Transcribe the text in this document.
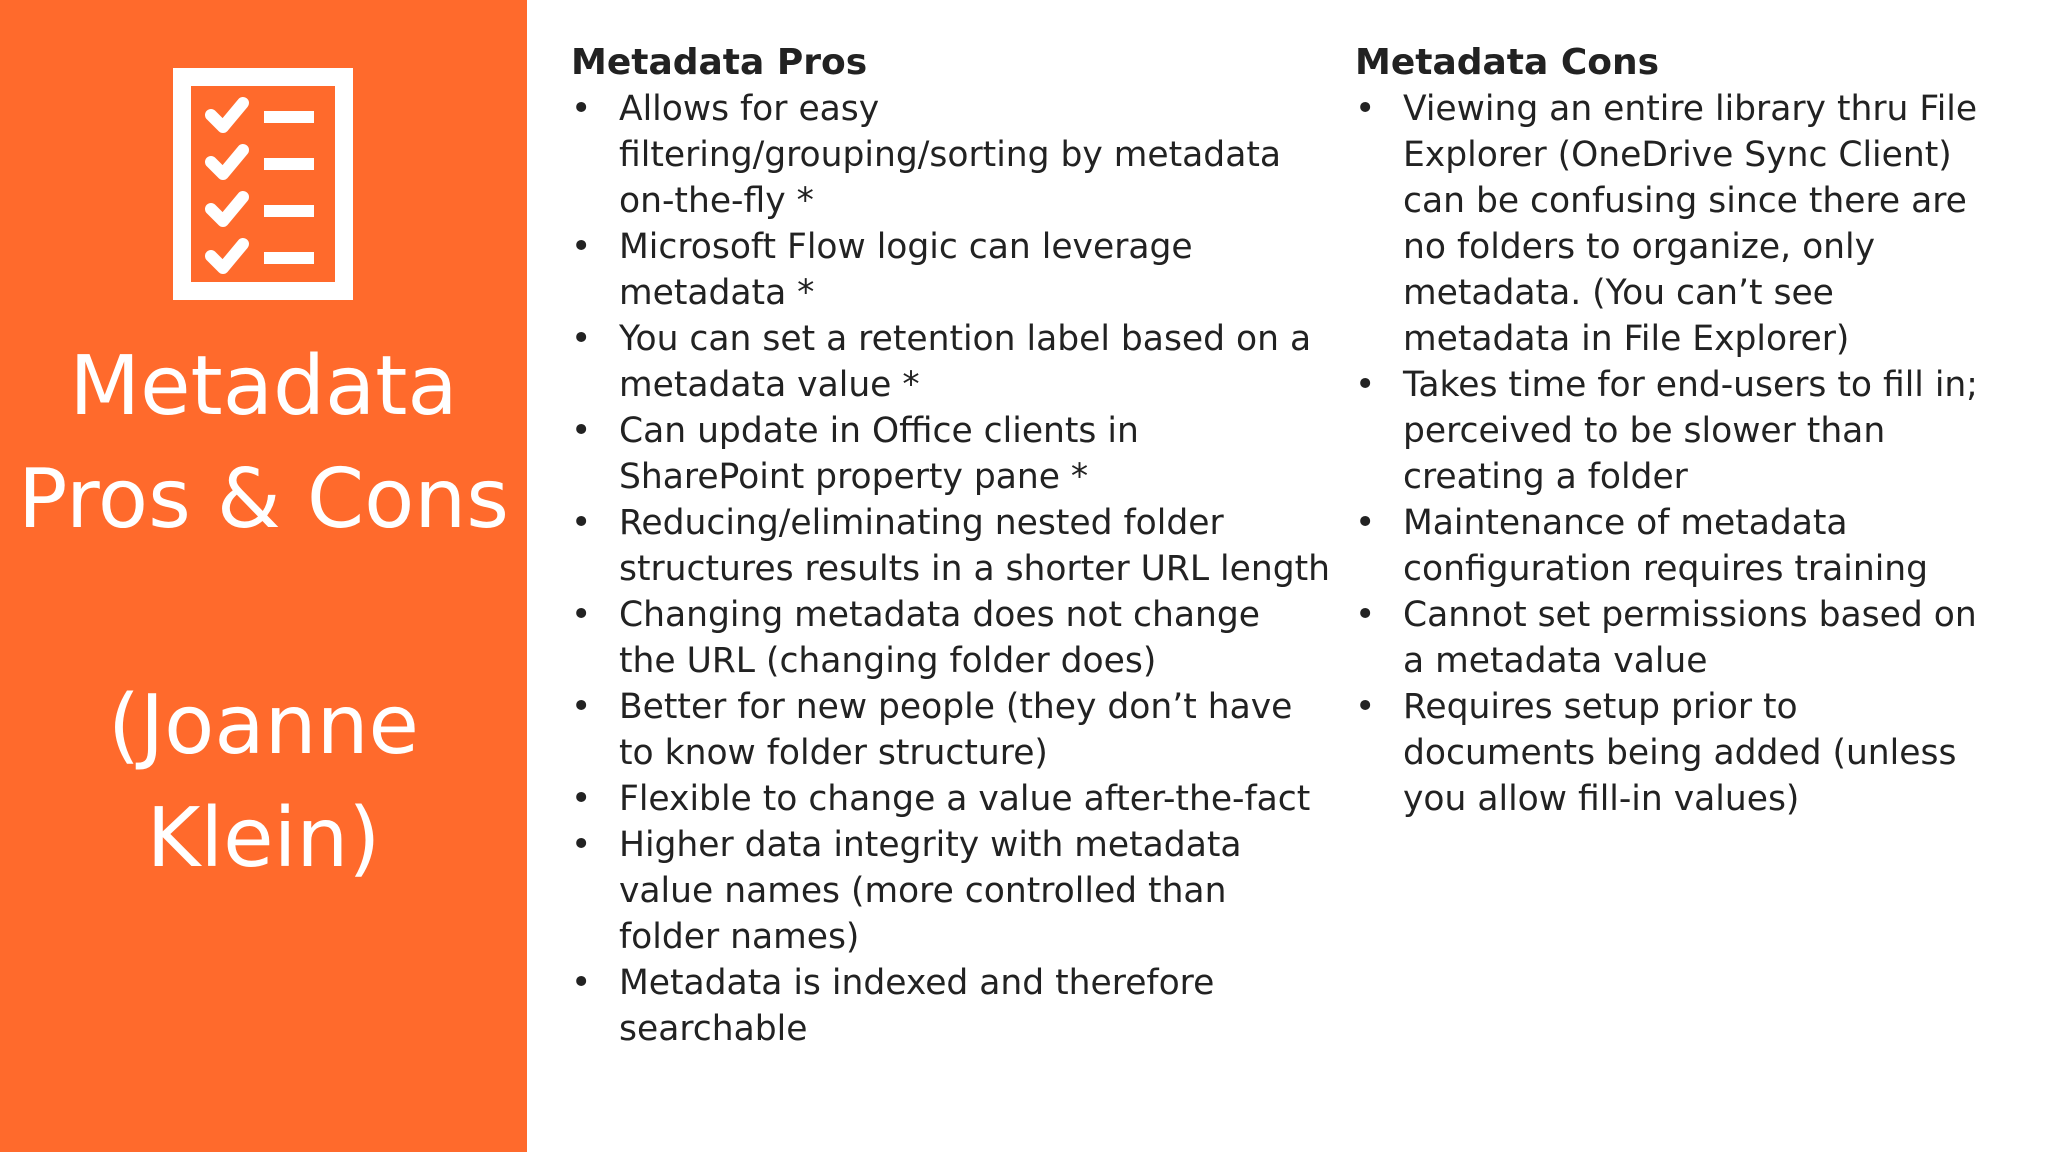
Metadata
Pros & Cons
(Joanne
Klein)
Metadata Pros
• Allows for easy
filtering/grouping/sorting by metadata
on-the-fly *
• Microsoft Flow logic can leverage
metadata *
• You can set a retention label based on a
metadata value *
• Can update in Office clients in
SharePoint property pane *
• Reducing/eliminating nested folder
structures results in a shorter URL length
• Changing metadata does not change
the URL (changing folder does)
• Better for new people (they don’t have
to know folder structure)
• Flexible to change a value after-the-fact
• Higher data integrity with metadata
value names (more controlled than
folder names)
• Metadata is indexed and therefore
searchable
Metadata Cons
• Viewing an entire library thru File
Explorer (OneDrive Sync Client)
can be confusing since there are
no folders to organize, only
metadata. (You can’t see
metadata in File Explorer)
• Takes time for end-users to fill in;
perceived to be slower than
creating a folder
• Maintenance of metadata
configuration requires training
• Cannot set permissions based on
a metadata value
• Requires setup prior to
documents being added (unless
you allow fill-in values)
